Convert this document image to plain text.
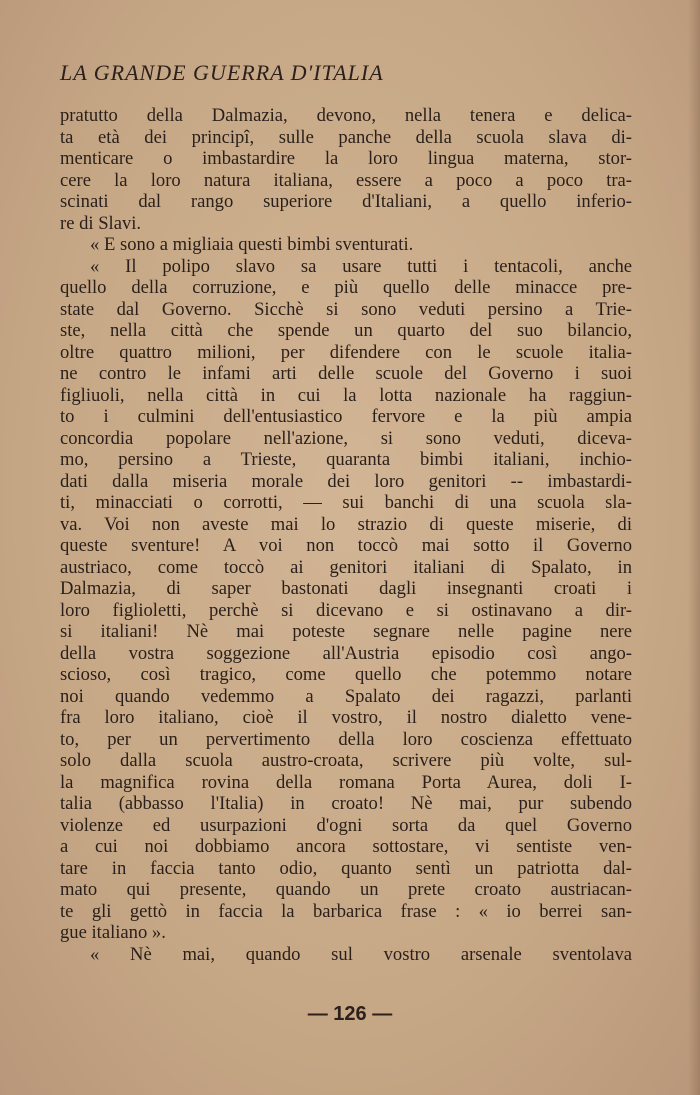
LA GRANDE GUERRA D'ITALIA
pratutto della Dalmazia, devono, nella tenera e delica-
ta età dei principî, sulle panche della scuola slava di-
menticare o imbastardire la loro lingua materna, stor-
cere la loro natura italiana, essere a poco a poco tra-
scinati dal rango superiore d'Italiani, a quello inferio-
re di Slavi.
« E sono a migliaia questi bimbi sventurati.
« Il polipo slavo sa usare tutti i tentacoli, anche
quello della corruzione, e più quello delle minacce pre-
state dal Governo. Sicchè si sono veduti persino a Trie-
ste, nella città che spende un quarto del suo bilancio,
oltre quattro milioni, per difendere con le scuole italia-
ne contro le infami arti delle scuole del Governo i suoi
figliuoli, nella città in cui la lotta nazionale ha raggiun-
to i culmini dell'entusiastico fervore e la più ampia
concordia popolare nell'azione, si sono veduti, diceva-
mo, persino a Trieste, quaranta bimbi italiani, inchio-
dati dalla miseria morale dei loro genitori -- imbastardi-
ti, minacciati o corrotti, — sui banchi di una scuola sla-
va. Voi non aveste mai lo strazio di queste miserie, di
queste sventure! A voi non toccò mai sotto il Governo
austriaco, come toccò ai genitori italiani di Spalato, in
Dalmazia, di saper bastonati dagli insegnanti croati i
loro figlioletti, perchè si dicevano e si ostinavano a dir-
si italiani! Nè mai poteste segnare nelle pagine nere
della vostra soggezione all'Austria episodio così ango-
scioso, così tragico, come quello che potemmo notare
noi quando vedemmo a Spalato dei ragazzi, parlanti
fra loro italiano, cioè il vostro, il nostro dialetto vene-
to, per un pervertimento della loro coscienza effettuato
solo dalla scuola austro-croata, scrivere più volte, sul-
la magnifica rovina della romana Porta Aurea, doli I-
talia (abbasso l'Italia) in croato! Nè mai, pur subendo
violenze ed usurpazioni d'ogni sorta da quel Governo
a cui noi dobbiamo ancora sottostare, vi sentiste ven-
tare in faccia tanto odio, quanto sentì un patriotta dal-
mato qui presente, quando un prete croato austriacan-
te gli gettò in faccia la barbarica frase : « io berrei san-
gue italiano ».
« Nè mai, quando sul vostro arsenale sventolava
— 126 —
